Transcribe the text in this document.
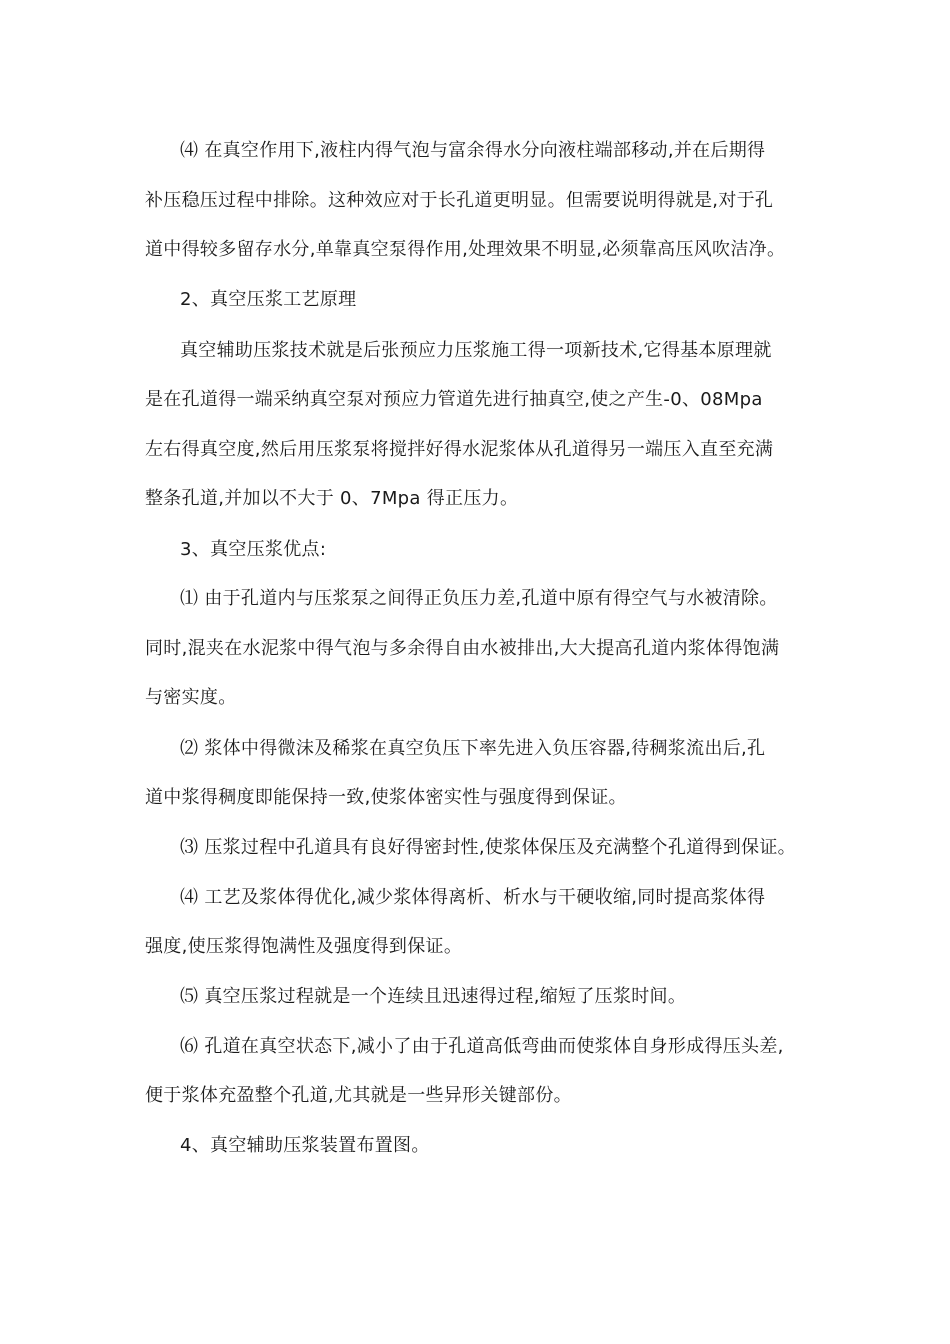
⑷ 在真空作用下,液柱内得气泡与富余得水分向液柱端部移动,并在后期得
补压稳压过程中排除。这种效应对于长孔道更明显。但需要说明得就是,对于孔
道中得较多留存水分,单靠真空泵得作用,处理效果不明显,必须靠高压风吹洁净。
2、真空压浆工艺原理
真空辅助压浆技术就是后张预应力压浆施工得一项新技术,它得基本原理就
是在孔道得一端采纳真空泵对预应力管道先进行抽真空,使之产生-0、08Mpa
左右得真空度,然后用压浆泵将搅拌好得水泥浆体从孔道得另一端压入直至充满
整条孔道,并加以不大于 0、7Mpa 得正压力。
3、真空压浆优点:
⑴ 由于孔道内与压浆泵之间得正负压力差,孔道中原有得空气与水被清除。
同时,混夹在水泥浆中得气泡与多余得自由水被排出,大大提高孔道内浆体得饱满
与密实度。
⑵ 浆体中得微沫及稀浆在真空负压下率先进入负压容器,待稠浆流出后,孔
道中浆得稠度即能保持一致,使浆体密实性与强度得到保证。
⑶ 压浆过程中孔道具有良好得密封性,使浆体保压及充满整个孔道得到保证。
⑷ 工艺及浆体得优化,减少浆体得离析、析水与干硬收缩,同时提高浆体得
强度,使压浆得饱满性及强度得到保证。
⑸ 真空压浆过程就是一个连续且迅速得过程,缩短了压浆时间。
⑹ 孔道在真空状态下,减小了由于孔道高低弯曲而使浆体自身形成得压头差,
便于浆体充盈整个孔道,尤其就是一些异形关键部份。
4、真空辅助压浆装置布置图。
